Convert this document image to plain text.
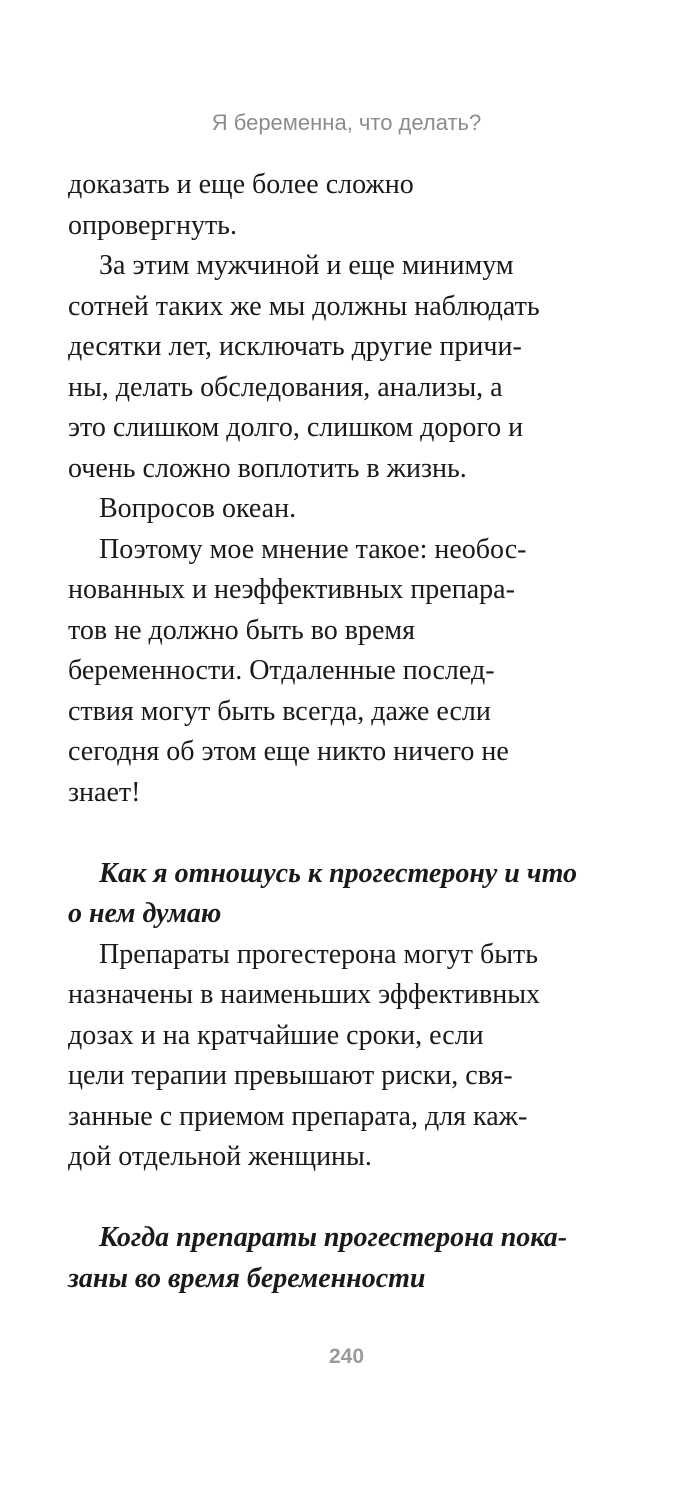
Я беременна, что делать?

доказать и еще более сложно
опровергнуть.

За этим мужчиной и еще минимум
сотней таких же мы должны наблюдать
десятки лет, исключать другие причи-
ны, делать обследования, анализы, а
это слишком долго, слишком дорого и
очень сложно воплотить в жизнь.

Вопросов океан.

Поэтому мое мнение такое: необос-
нованных и неэффективных препара-
тов не должно быть во время
беременности. Отдаленные послед-
ствия могут быть всегда, даже если
сегодня об этом еще никто ничего не
знает!

Как я отношусь к прогестерону и что
о нем думаю

Препараты прогестерона могут быть
назначены в наименьших эффективных
дозах и на кратчайшие сроки, если
цели терапии превышают риски, свя-
занные с приемом препарата, для каж-
дой отдельной женщины.

Когда препараты прогестерона пока-
заны во время беременности

240
